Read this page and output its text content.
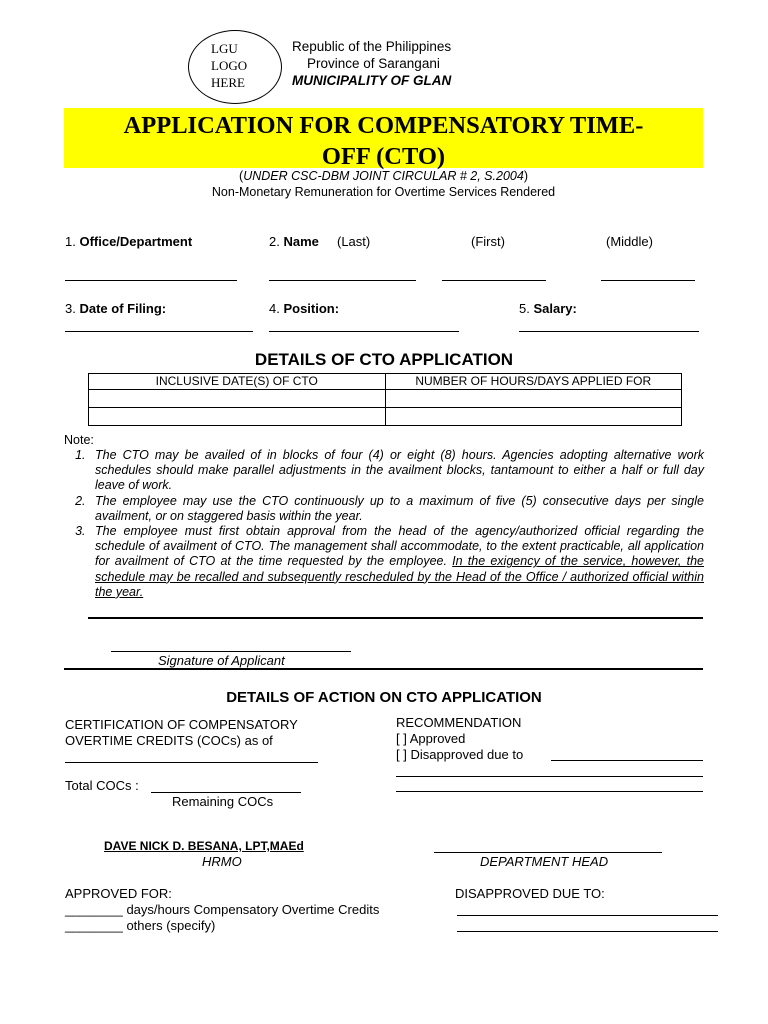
LGU
LOGO
HERE
Republic of the Philippines
Province of Sarangani
MUNICIPALITY OF GLAN
APPLICATION FOR COMPENSATORY TIME-
OFF (CTO)
(UNDER CSC-DBM JOINT CIRCULAR # 2, S.2004)
Non-Monetary Remuneration for Overtime Services Rendered
1. Office/Department	2. Name (Last)	(First)	(Middle)
3. Date of Filing:	4. Position:	5. Salary:
DETAILS OF CTO APPLICATION
INCLUSIVE DATE(S) OF CTO	NUMBER OF HOURS/DAYS APPLIED FOR

Note:
1. The CTO may be availed of in blocks of four (4) or eight (8) hours. Agencies adopting alternative work schedules should make parallel adjustments in the availment blocks, tantamount to either a half or full day leave of work.
2. The employee may use the CTO continuously up to a maximum of five (5) consecutive days per single availment, or on staggered basis within the year.
3. The employee must first obtain approval from the head of the agency/authorized official regarding the schedule of availment of CTO. The management shall accommodate, to the extent practicable, all application for availment of CTO at the time requested by the employee. In the exigency of the service, however, the schedule may be recalled and subsequently rescheduled by the Head of the Office / authorized official within the year.
Signature of Applicant
DETAILS OF ACTION ON CTO APPLICATION
CERTIFICATION OF COMPENSATORY
OVERTIME CREDITS (COCs) as of
Total COCs :
Remaining COCs
RECOMMENDATION
[ ] Approved
[ ] Disapproved due to
DAVE NICK D. BESANA, LPT,MAEd
HRMO	DEPARTMENT HEAD
APPROVED FOR:
________ days/hours Compensatory Overtime Credits
________ others (specify)
DISAPPROVED DUE TO:
